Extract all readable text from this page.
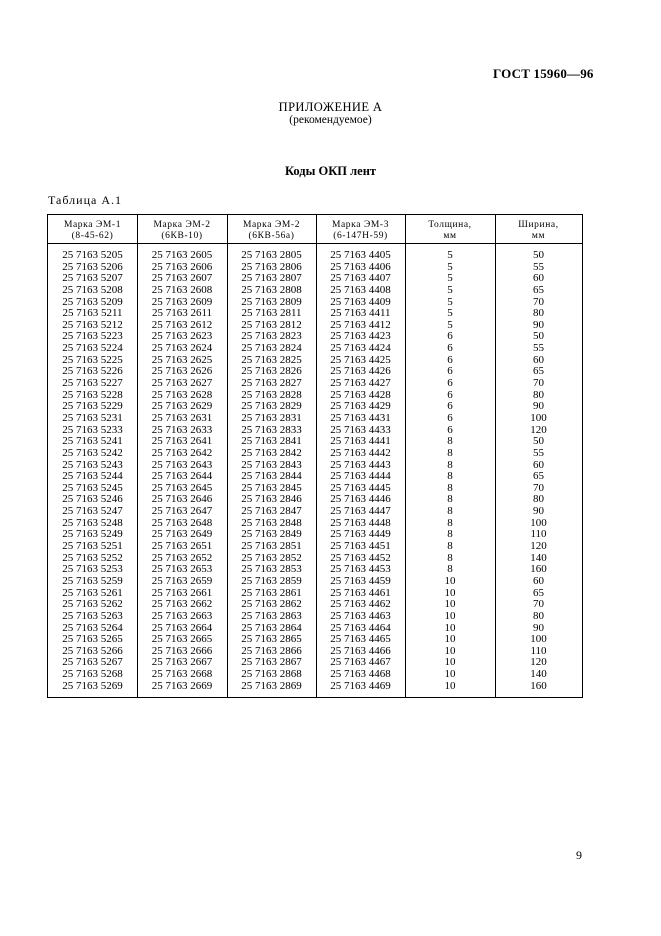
ГОСТ 15960—96
ПРИЛОЖЕНИЕ А
(рекомендуемое)
Коды ОКП лент
Таблица А.1
Марка ЭМ-1
(8-45-62)
Марка ЭМ-2
(6КВ-10)
Марка ЭМ-2
(6КВ-56а)
Марка ЭМ-3
(6-147Н-59)
Толщина,
мм
Ширина,
мм
25 7163 5205
25 7163 5206
25 7163 5207
25 7163 5208
25 7163 5209
25 7163 5211
25 7163 5212
25 7163 5223
25 7163 5224
25 7163 5225
25 7163 5226
25 7163 5227
25 7163 5228
25 7163 5229
25 7163 5231
25 7163 5233
25 7163 5241
25 7163 5242
25 7163 5243
25 7163 5244
25 7163 5245
25 7163 5246
25 7163 5247
25 7163 5248
25 7163 5249
25 7163 5251
25 7163 5252
25 7163 5253
25 7163 5259
25 7163 5261
25 7163 5262
25 7163 5263
25 7163 5264
25 7163 5265
25 7163 5266
25 7163 5267
25 7163 5268
25 7163 5269
25 7163 2605
25 7163 2606
25 7163 2607
25 7163 2608
25 7163 2609
25 7163 2611
25 7163 2612
25 7163 2623
25 7163 2624
25 7163 2625
25 7163 2626
25 7163 2627
25 7163 2628
25 7163 2629
25 7163 2631
25 7163 2633
25 7163 2641
25 7163 2642
25 7163 2643
25 7163 2644
25 7163 2645
25 7163 2646
25 7163 2647
25 7163 2648
25 7163 2649
25 7163 2651
25 7163 2652
25 7163 2653
25 7163 2659
25 7163 2661
25 7163 2662
25 7163 2663
25 7163 2664
25 7163 2665
25 7163 2666
25 7163 2667
25 7163 2668
25 7163 2669
25 7163 2805
25 7163 2806
25 7163 2807
25 7163 2808
25 7163 2809
25 7163 2811
25 7163 2812
25 7163 2823
25 7163 2824
25 7163 2825
25 7163 2826
25 7163 2827
25 7163 2828
25 7163 2829
25 7163 2831
25 7163 2833
25 7163 2841
25 7163 2842
25 7163 2843
25 7163 2844
25 7163 2845
25 7163 2846
25 7163 2847
25 7163 2848
25 7163 2849
25 7163 2851
25 7163 2852
25 7163 2853
25 7163 2859
25 7163 2861
25 7163 2862
25 7163 2863
25 7163 2864
25 7163 2865
25 7163 2866
25 7163 2867
25 7163 2868
25 7163 2869
25 7163 4405
25 7163 4406
25 7163 4407
25 7163 4408
25 7163 4409
25 7163 4411
25 7163 4412
25 7163 4423
25 7163 4424
25 7163 4425
25 7163 4426
25 7163 4427
25 7163 4428
25 7163 4429
25 7163 4431
25 7163 4433
25 7163 4441
25 7163 4442
25 7163 4443
25 7163 4444
25 7163 4445
25 7163 4446
25 7163 4447
25 7163 4448
25 7163 4449
25 7163 4451
25 7163 4452
25 7163 4453
25 7163 4459
25 7163 4461
25 7163 4462
25 7163 4463
25 7163 4464
25 7163 4465
25 7163 4466
25 7163 4467
25 7163 4468
25 7163 4469
5
5
5
5
5
5
5
6
6
6
6
6
6
6
6
6
8
8
8
8
8
8
8
8
8
8
8
8
10
10
10
10
10
10
10
10
10
10
50
55
60
65
70
80
90
50
55
60
65
70
80
90
100
120
50
55
60
65
70
80
90
100
110
120
140
160
60
65
70
80
90
100
110
120
140
160
9
